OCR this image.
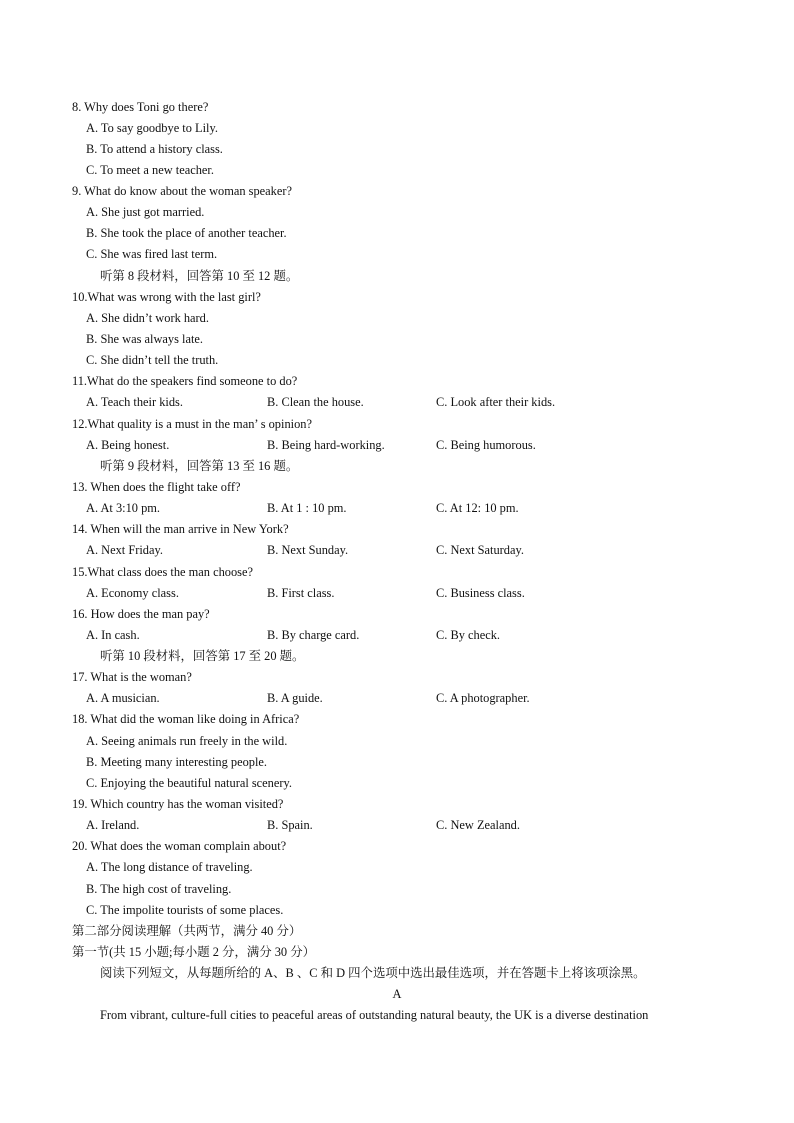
8. Why does Toni go there?
A. To say goodbye to Lily.
B. To attend a history class.
C. To meet a new teacher.
9. What do know about the woman speaker?
A. She just got married.
B. She took the place of another teacher.
C. She was fired last term.
听第 8 段材料，回答第 10 至 12 题。
10.What was wrong with the last girl?
A. She didn’t work hard.
B. She was always late.
C. She didn’t tell the truth.
11.What do the speakers find someone to do?
A. Teach their kids.	B. Clean the house.	C. Look after their kids.
12.What quality is a must in the man’ s opinion?
A. Being honest.	B. Being hard-working.	C. Being humorous.
听第 9 段材料，回答第 13 至 16 题。
13. When does the flight take off?
A. At 3:10 pm.	B. At 1 : 10 pm.	C. At 12: 10 pm.
14. When will the man arrive in New York?
A. Next Friday.	B. Next Sunday.	C. Next Saturday.
15.What class does the man choose?
A. Economy class.	B. First class.	C. Business class.
16. How does the man pay?
A. In cash.	B. By charge card.	C. By check.
听第 10 段材料，回答第 17 至 20 题。
17. What is the woman?
A. A musician.	B. A guide.	C. A photographer.
18. What did the woman like doing in Africa?
A. Seeing animals run freely in the wild.
B. Meeting many interesting people.
C. Enjoying the beautiful natural scenery.
19. Which country has the woman visited?
A. Ireland.	B. Spain.	C. New Zealand.
20. What does the woman complain about?
A. The long distance of traveling.
B. The high cost of traveling.
C. The impolite tourists of some places.
第二部分阅读理解（共两节，满分 40 分）
第一节(共 15 小题;每小题 2 分，满分 30 分）
阅读下列短文，从每题所给的 A、B 、C 和 D 四个选项中选出最佳选项，并在答题卡上将该项涂黑。
A
From vibrant, culture-full cities to peaceful areas of outstanding natural beauty, the UK is a diverse destination
